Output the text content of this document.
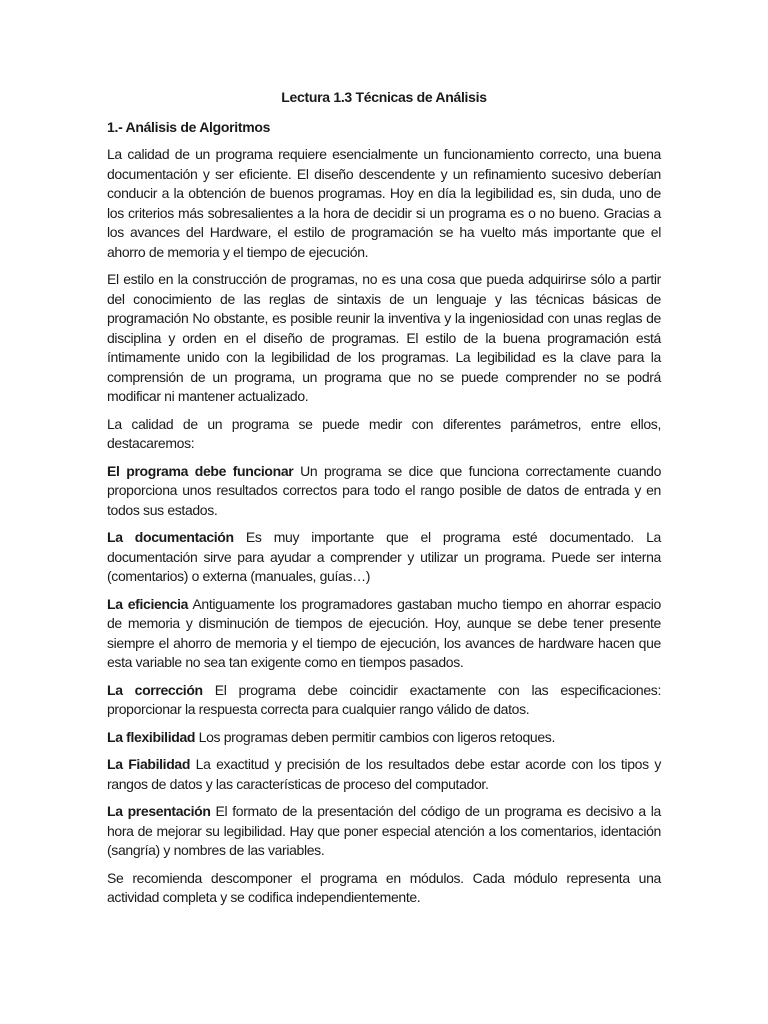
Lectura 1.3 Técnicas de Análisis
1.- Análisis de Algoritmos

La calidad de un programa requiere esencialmente un funcionamiento correcto, una buena documentación y ser eficiente. El diseño descendente y un refinamiento sucesivo deberían conducir a la obtención de buenos programas. Hoy en día la legibilidad es, sin duda, uno de los criterios más sobresalientes a la hora de decidir si un programa es o no bueno. Gracias a los avances del Hardware, el estilo de programación se ha vuelto más importante que el ahorro de memoria y el tiempo de ejecución.

El estilo en la construcción de programas, no es una cosa que pueda adquirirse sólo a partir del conocimiento de las reglas de sintaxis de un lenguaje y las técnicas básicas de programación No obstante, es posible reunir la inventiva y la ingeniosidad con unas reglas de disciplina y orden en el diseño de programas. El estilo de la buena programación está íntimamente unido con la legibilidad de los programas. La legibilidad es la clave para la comprensión de un programa, un programa que no se puede comprender no se podrá modificar ni mantener actualizado.

La calidad de un programa se puede medir con diferentes parámetros, entre ellos, destacaremos:

El programa debe funcionar Un programa se dice que funciona correctamente cuando proporciona unos resultados correctos para todo el rango posible de datos de entrada y en todos sus estados.

La documentación Es muy importante que el programa esté documentado. La documentación sirve para ayudar a comprender y utilizar un programa. Puede ser interna (comentarios) o externa (manuales, guías…)

La eficiencia Antiguamente los programadores gastaban mucho tiempo en ahorrar espacio de memoria y disminución de tiempos de ejecución. Hoy, aunque se debe tener presente siempre el ahorro de memoria y el tiempo de ejecución, los avances de hardware hacen que esta variable no sea tan exigente como en tiempos pasados.

La corrección El programa debe coincidir exactamente con las especificaciones: proporcionar la respuesta correcta para cualquier rango válido de datos.

La flexibilidad Los programas deben permitir cambios con ligeros retoques.

La Fiabilidad La exactitud y precisión de los resultados debe estar acorde con los tipos y rangos de datos y las características de proceso del computador.

La presentación El formato de la presentación del código de un programa es decisivo a la hora de mejorar su legibilidad. Hay que poner especial atención a los comentarios, identación (sangría) y nombres de las variables.

Se recomienda descomponer el programa en módulos. Cada módulo representa una actividad completa y se codifica independientemente.
